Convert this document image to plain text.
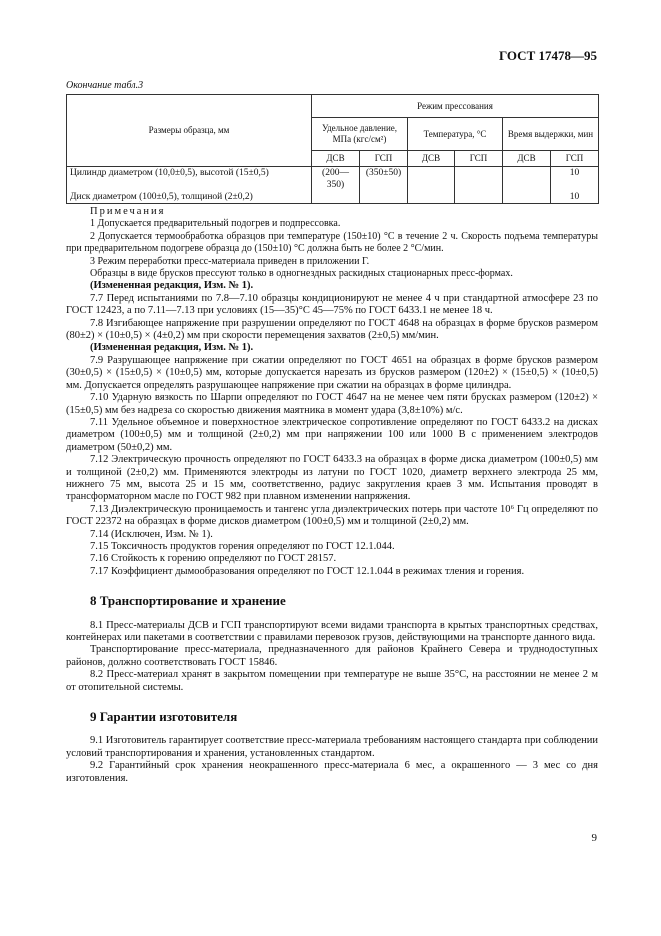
ГОСТ 17478—95
Окончание табл.3
Размеры образца, мм	Режим прессования					
	Удельное давление, МПа (кгс/см²)		Температура, °С		Время выдержки, мин	
	ДСВ	ГСП	ДСВ	ГСП	ДСВ	ГСП
Цилиндр диаметром (10,0±0,5), высотой (15±0,5)	(200—350)	(350±50)				10
Диск диаметром (100±0,5), толщиной (2±0,2)						10

Примечания

1 Допускается предварительный подогрев и подпрессовка.

2 Допускается термообработка образцов при температуре (150±10) °С в течение 2 ч. Скорость подъема температуры при предварительном подогреве образца до (150±10) °С должна быть не более 2 °С/мин.

3 Режим переработки пресс-материала приведен в приложении Г.

Образцы в виде брусков прессуют только в одногнездных раскидных стационарных пресс-формах.

(Измененная редакция, Изм. № 1).

7.7 Перед испытаниями по 7.8—7.10 образцы кондиционируют не менее 4 ч при стандартной атмосфере 23 по ГОСТ 12423, а по 7.11—7.13 при условиях (15—35)°С 45—75% по ГОСТ 6433.1 не менее 18 ч.

7.8 Изгибающее напряжение при разрушении определяют по ГОСТ 4648 на образцах в форме брусков размером (80±2) × (10±0,5) × (4±0,2) мм при скорости перемещения захватов (2±0,5) мм/мин.

(Измененная редакция, Изм. № 1).

7.9 Разрушающее напряжение при сжатии определяют по ГОСТ 4651 на образцах в форме брусков размером (30±0,5) × (15±0,5) × (10±0,5) мм, которые допускается нарезать из брусков размером (120±2) × (15±0,5) × (10±0,5) мм. Допускается определять разрушающее напряжение при сжатии на образцах в форме цилиндра.

7.10 Ударную вязкость по Шарпи определяют по ГОСТ 4647 на не менее чем пяти брусках размером (120±2) × (15±0,5) мм без надреза со скоростью движения маятника в момент удара (3,8±10%) м/с.

7.11 Удельное объемное и поверхностное электрическое сопротивление определяют по ГОСТ 6433.2 на дисках диаметром (100±0,5) мм и толщиной (2±0,2) мм при напряжении 100 или 1000 В с применением электродов диаметром (50±0,2) мм.

7.12 Электрическую прочность определяют по ГОСТ 6433.3 на образцах в форме диска диаметром (100±0,5) мм и толщиной (2±0,2) мм. Применяются электроды из латуни по ГОСТ 1020, диаметр верхнего электрода 25 мм, нижнего 75 мм, высота 25 и 15 мм, соответственно, радиус закругления краев 3 мм. Испытания проводят в трансформаторном масле по ГОСТ 982 при плавном изменении напряжения.

7.13 Диэлектрическую проницаемость и тангенс угла диэлектрических потерь при частоте 10⁶ Гц определяют по ГОСТ 22372 на образцах в форме дисков диаметром (100±0,5) мм и толщиной (2±0,2) мм.

7.14 (Исключен, Изм. № 1).

7.15 Токсичность продуктов горения определяют по ГОСТ 12.1.044.

7.16 Стойкость к горению определяют по ГОСТ 28157.

7.17 Коэффициент дымообразования определяют по ГОСТ 12.1.044 в режимах тления и горения.

8 Транспортирование и хранение

8.1 Пресс-материалы ДСВ и ГСП транспортируют всеми видами транспорта в крытых транспортных средствах, контейнерах или пакетами в соответствии с правилами перевозок грузов, действующими на транспорте данного вида.

Транспортирование пресс-материала, предназначенного для районов Крайнего Севера и труднодоступных районов, должно соответствовать ГОСТ 15846.

8.2 Пресс-материал хранят в закрытом помещении при температуре не выше 35°С, на расстоянии не менее 2 м от отопительной системы.

9 Гарантии изготовителя

9.1 Изготовитель гарантирует соответствие пресс-материала требованиям настоящего стандарта при соблюдении условий транспортирования и хранения, установленных стандартом.

9.2 Гарантийный срок хранения неокрашенного пресс-материала 6 мес, а окрашенного — 3 мес со дня изготовления.

9
